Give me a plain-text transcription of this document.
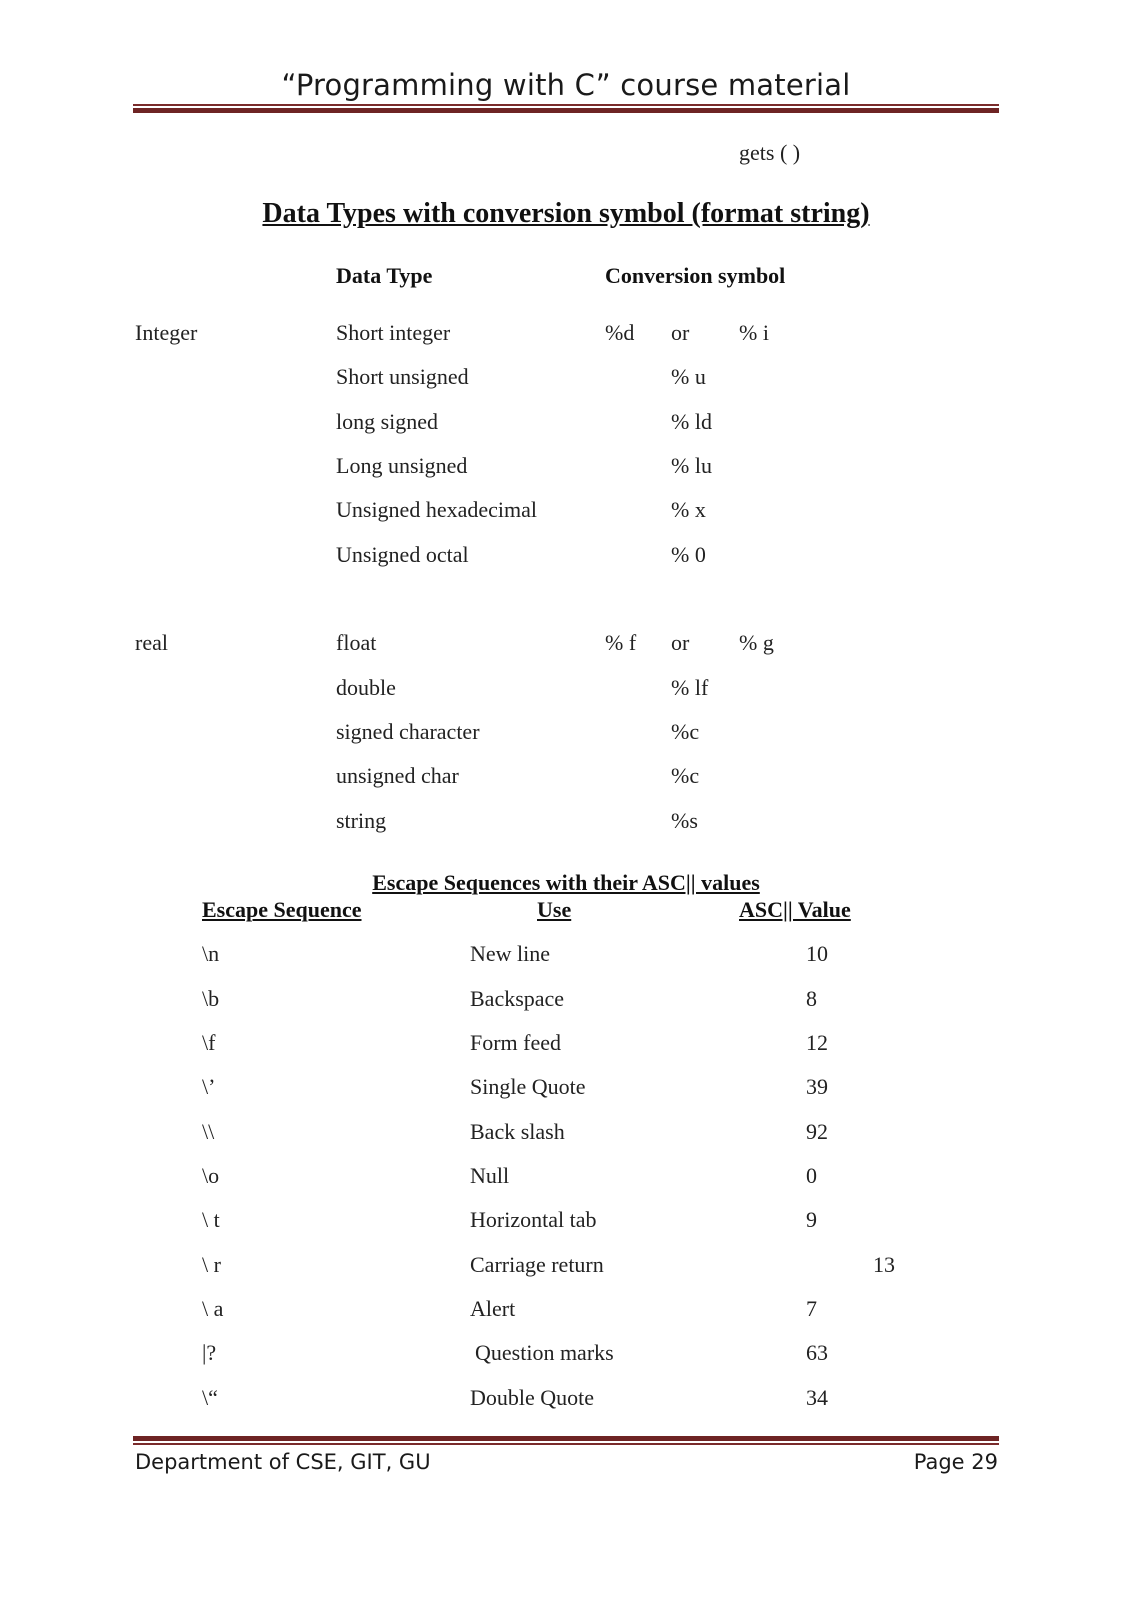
“Programming with C” course material
gets ( )
Data Types with conversion symbol (format string)
Data Type	Conversion symbol
Integer	Short integer	%d or % i
Short unsigned	% u
long signed	% ld
Long unsigned	% lu
Unsigned hexadecimal	% x
Unsigned octal	% 0
real	float	% f or % g
double	% lf
signed character	%c
unsigned char	%c
string	%s
Escape Sequences with their ASC|| values
Escape Sequence	Use	ASC|| Value
\n	New line	10
\b	Backspace	8
\f	Form feed	12
\’	Single Quote	39
\\	Back slash	92
\o	Null	0
\ t	Horizontal tab	9
\ r	Carriage return	13
\ a	Alert	7
|?	Question marks	63
\“	Double Quote	34
Department of CSE, GIT, GU	Page 29
